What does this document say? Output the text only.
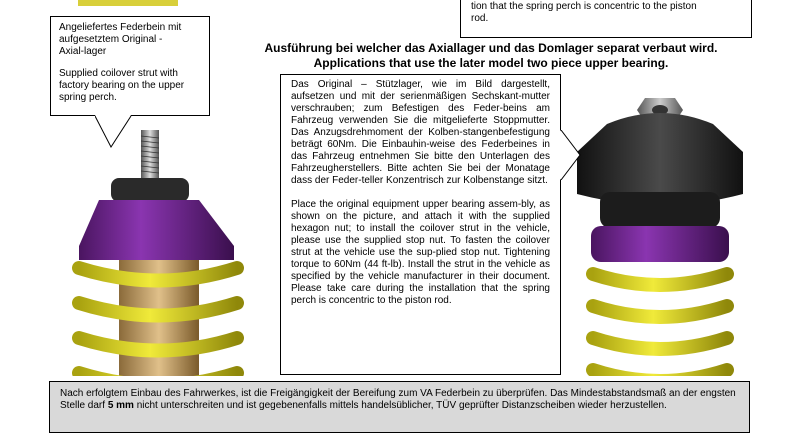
tion that the spring perch is concentric to the piston
rod.

Angeliefertes Federbein mit
aufgesetztem Original -
Axial-lager

Supplied coilover strut with factory bearing on the upper spring perch.

Ausführung bei welcher das Axiallager und das Domlager separat verbaut wird.
Applications that use the later model two piece upper bearing.

Das Original – Stützlager, wie im Bild dargestellt, aufsetzen und mit der serienmäßigen Sechskant-mutter verschrauben; zum Befestigen des Feder-beins am Fahrzeug verwenden Sie die mitgelieferte Stoppmutter. Das Anzugsdrehmoment der Kolben-stangenbefestigung beträgt 60Nm. Die Einbauhin-weise des Federbeines in das Fahrzeug entnehmen Sie bitte den Unterlagen des Fahrzeugherstellers. Bitte achten Sie bei der Monatage dass der Feder-teller Konzentrisch zur Kolbenstange sitzt.

Place the original equipment upper bearing assem-bly, as shown on the picture, and attach it with the supplied hexagon nut; to install the coilover strut in the vehicle, please use the supplied stop nut. To fasten the coilover strut at the vehicle use the sup-plied stop nut. Tightening torque to 60Nm (44 ft-lb). Install the strut in the vehicle as specified by the vehicle manufacturer in their document. Please take care during the installation that the spring perch is concentric to the piston rod.

Nach erfolgtem Einbau des Fahrwerkes, ist die Freigängigkeit der Bereifung zum VA Federbein zu überprüfen. Das Mindestabstandsmaß an der engsten Stelle darf 5 mm nicht unterschreiten und ist gegebenenfalls mittels handelsüblicher, TÜV geprüfter Distanzscheiben wieder herzustellen.
